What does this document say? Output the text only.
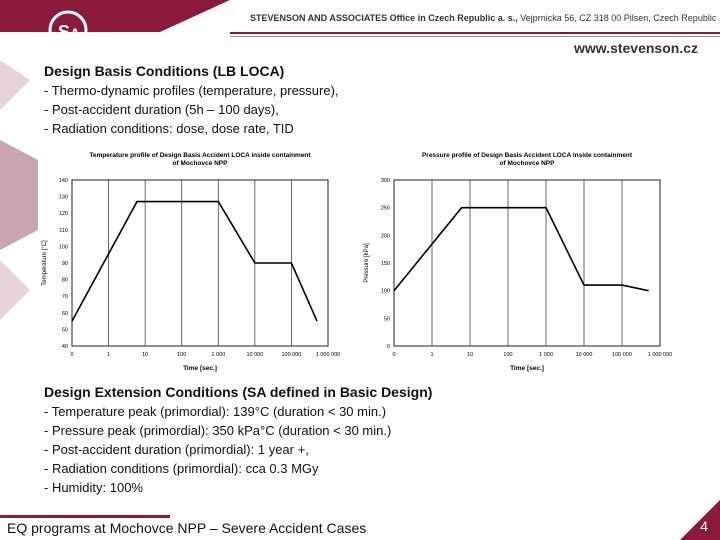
S A
CZ
STEVENSON AND ASSOCIATES Office in Czech Republic a. s., Vejprnicka 56, CZ 318 00 Pilsen, Czech Republic
www.stevenson.cz
Design Basis Conditions (LB LOCA)
- Thermo-dynamic profiles (temperature, pressure),
- Post-accident duration (5h – 100 days),
- Radiation conditions: dose, dose rate, TID
Temperature profile of Design Basis Accident LOCA inside containment
of Mochovce NPP
0	1	10	100	1 000	10 000	100 000	1 000 000
40
50
60
70
80
90
100
110
120
130
140
Time [sec.]
Temperature [°C]
Pressure profile of Design Basis Accident LOCA inside containment
of Mochovce NPP
0	1	10	100	1 000	10 000	100 000	1 000 000
0
50
100
150
200
250
300
Time [sec.]
Pressure [kPa]
Design Extension Conditions (SA defined in Basic Design)
- Temperature peak (primordial): 139°C (duration < 30 min.)
- Pressure peak (primordial): 350 kPa°C (duration < 30 min.)
- Post-accident duration (primordial): 1 year +,
- Radiation conditions (primordial): cca 0.3 MGy
- Humidity: 100%
EQ programs at Mochovce NPP – Severe Accident Cases	4
